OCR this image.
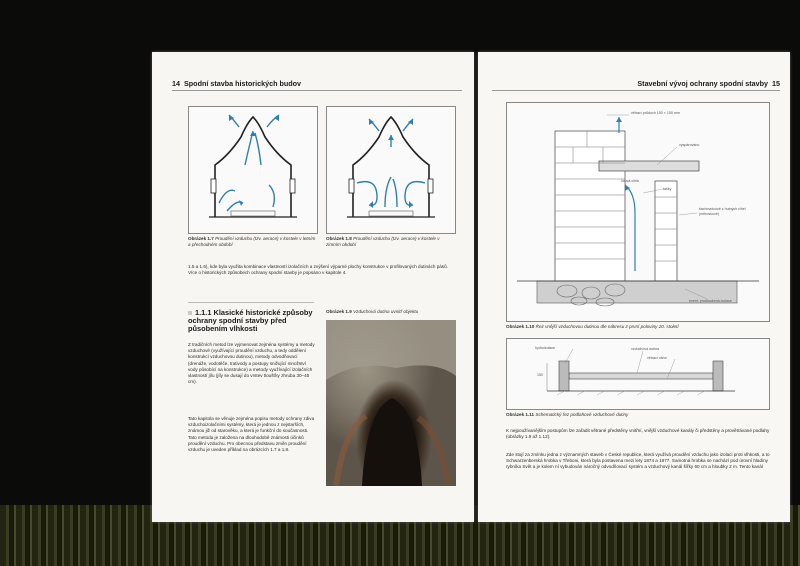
14 Spodní stavba historických budov
Obrázek 1.7 Proudění vzduchu (tzv. aerace) v kostele v letním a přechodném období
Obrázek 1.8 Proudění vzduchu (tzv. aerace) v kostele v zimním období
1.5 a 1.6), kde byla využita kombinace vlastností izolačních a zvýšení výparné plochy konstrukce v profilovaných dutinách pásů. Více o historických způsobech ochrany spodní stavby je popsáno v kapitole 4.
1.1.1 Klasické historické způsoby ochrany spodní stavby před působením vlhkosti
Z tradičních metod lze vyjmenovat zejména systémy a metody vzduchové (využívající proudění vzduchu, a tedy oddělení konstrukcí vzduchovou dutinou), metody odvodňovací (drenáže, vodotěče, trativody a postupy snižující množství vody působící na konstrukce) a metody využívající izolačních vlastností jílu (jíly se dusají do vrstev tloušťky zhruba 30–45 cm).
Tato kapitola se věnuje zejména popisu metody ochrany zdiva vzduchoizolačními systémy, která je jednou z nejstarších, známou již od starověku, a která je funkční do současnosti. Tato metoda je založena na dlouhodobě známosti účinků proudění vzduchu. Pro obecnou představu změn proudění vzduchu je uveden příklad na obrázcích 1.7 a 1.8.
Obrázek 1.9 Vzduchová dutina uvnitř objektu
Stavební vývoj ochrany spodní stavby 15
větrací průduch 150 × 150 mm
vyspárováno
lícová cihla
tašky
šachovnicově z hutných cihel (netroskové)
event. prodloužená izolace
Obrázek 1.10 Řez vnější vzduchovou dutinou dle nákresu z první poloviny 20. století
hydroizolace	vzduchová dutina
větrací otvor
150
Obrázek 1.11 Schematický řez podlahové vzduchové dutiny
K nejpoužívanějším postupům lze zařadit větrané předstěny vnitřní, vnější vzduchové kanály či předstěny a provětrávané podlahy (obrázky 1.9 až 1.12).
Zde stojí za zmínku jedna z významných staveb v České republice, která využívá proudění vzduchu jako izolaci proti vlhkosti, a to Schwarzenberská hrobka v Třeboni, která byla postavena mezi lety 1874 a 1877. Samotná hrobka se nachází pod úrovní hladiny rybníka Svět a je kolem ní vybudován náročný odvodňovací systém a vzduchový kanál šířky 60 cm a hloubky 2 m. Tento kanál
